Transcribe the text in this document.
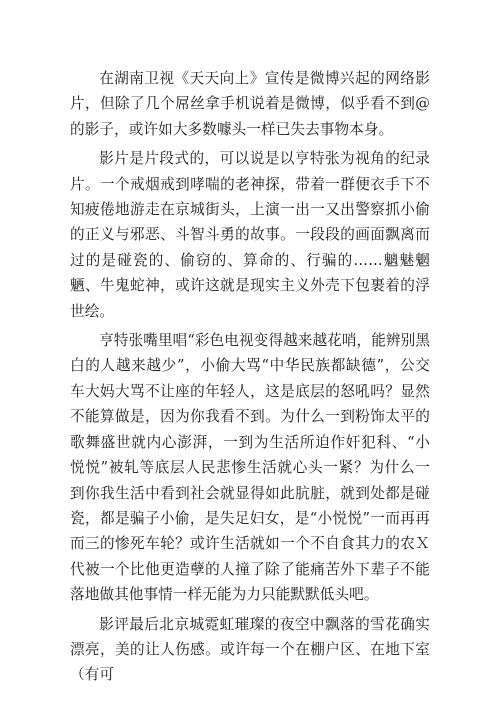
在湖南卫视《天天向上》宣传是微博兴起的网络影片，但除了几个屌丝拿手机说着是微博，似乎看不到@的影子，或许如大多数噱头一样已失去事物本身。

影片是片段式的，可以说是以亨特张为视角的纪录片。一个戒烟戒到哮喘的老神探，带着一群便衣手下不知疲倦地游走在京城街头，上演一出一又出警察抓小偷的正义与邪恶、斗智斗勇的故事。一段段的画面飘离而过的是碰瓷的、偷窃的、算命的、行骗的……魑魅魍魉、牛鬼蛇神，或许这就是现实主义外壳下包裹着的浮世绘。

亨特张嘴里唱“彩色电视变得越来越花哨，能辨别黑白的人越来越少”，小偷大骂“中华民族都缺德”，公交车大妈大骂不让座的年轻人，这是底层的怒吼吗？显然不能算做是，因为你我看不到。为什么一到粉饰太平的歌舞盛世就内心澎湃，一到为生活所迫作奸犯科、“小悦悦”被轧等底层人民悲惨生活就心头一紧？为什么一到你我生活中看到社会就显得如此肮脏，就到处都是碰瓷，都是骗子小偷，是失足妇女，是“小悦悦”一而再再而三的惨死车轮？或许生活就如一个不自食其力的农Ｘ代被一个比他更造孽的人撞了除了能痛苦外下辈子不能落地做其他事情一样无能为力只能默默低头吧。

影评最后北京城霓虹璀璨的夜空中飘落的雪花确实漂亮，美的让人伤感。或许每一个在棚户区、在地下室（有可
